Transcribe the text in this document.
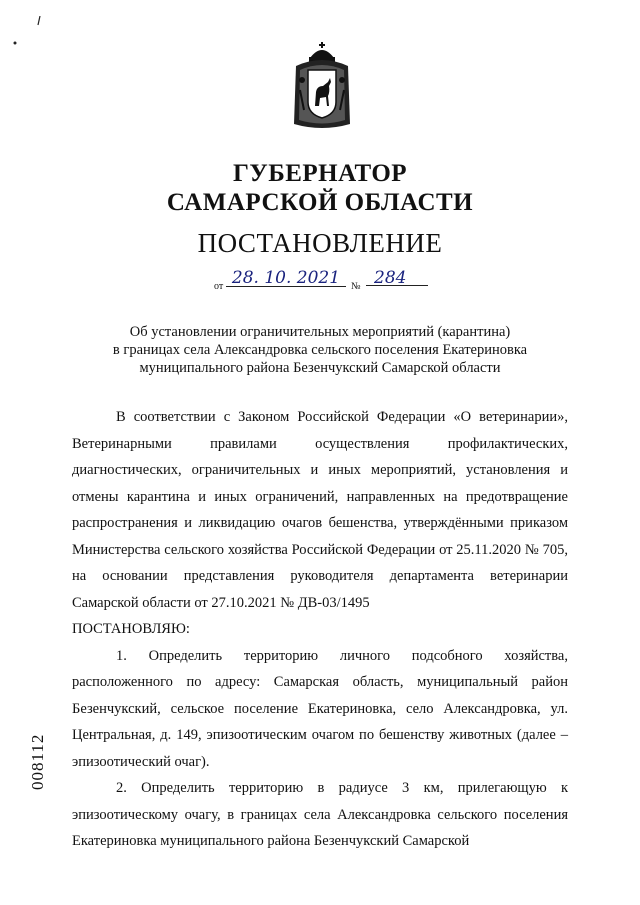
ГУБЕРНАТОР
САМАРСКОЙ ОБЛАСТИ
ПОСТАНОВЛЕНИЕ
от 28. 10. 2021	№ 284
Об установлении ограничительных мероприятий (карантина)
в границах села Александровка сельского поселения Екатериновка
муниципального района Безенчукский Самарской области

В соответствии с Законом Российской Федерации «О ветеринарии», Ветеринарными правилами осуществления профилактических, диагностических, ограничительных и иных мероприятий, установления и отмены карантина и иных ограничений, направленных на предотвращение распространения и ликвидацию очагов бешенства, утверждёнными приказом Министерства сельского хозяйства Российской Федерации от 25.11.2020 № 705, на основании представления руководителя департамента ветеринарии Самарской области от 27.10.2021 № ДВ-03/1495

ПОСТАНОВЛЯЮ:

1. Определить территорию личного подсобного хозяйства, расположенного по адресу: Самарская область, муниципальный район Безенчукский, сельское поселение Екатериновка, село Александровка, ул. Центральная, д. 149, эпизоотическим очагом по бешенству животных (далее – эпизоотический очаг).

2. Определить территорию в радиусе 3 км, прилегающую к эпизоотическому очагу, в границах села Александровка сельского поселения Екатериновка муниципального района Безенчукский Самарской

008112
